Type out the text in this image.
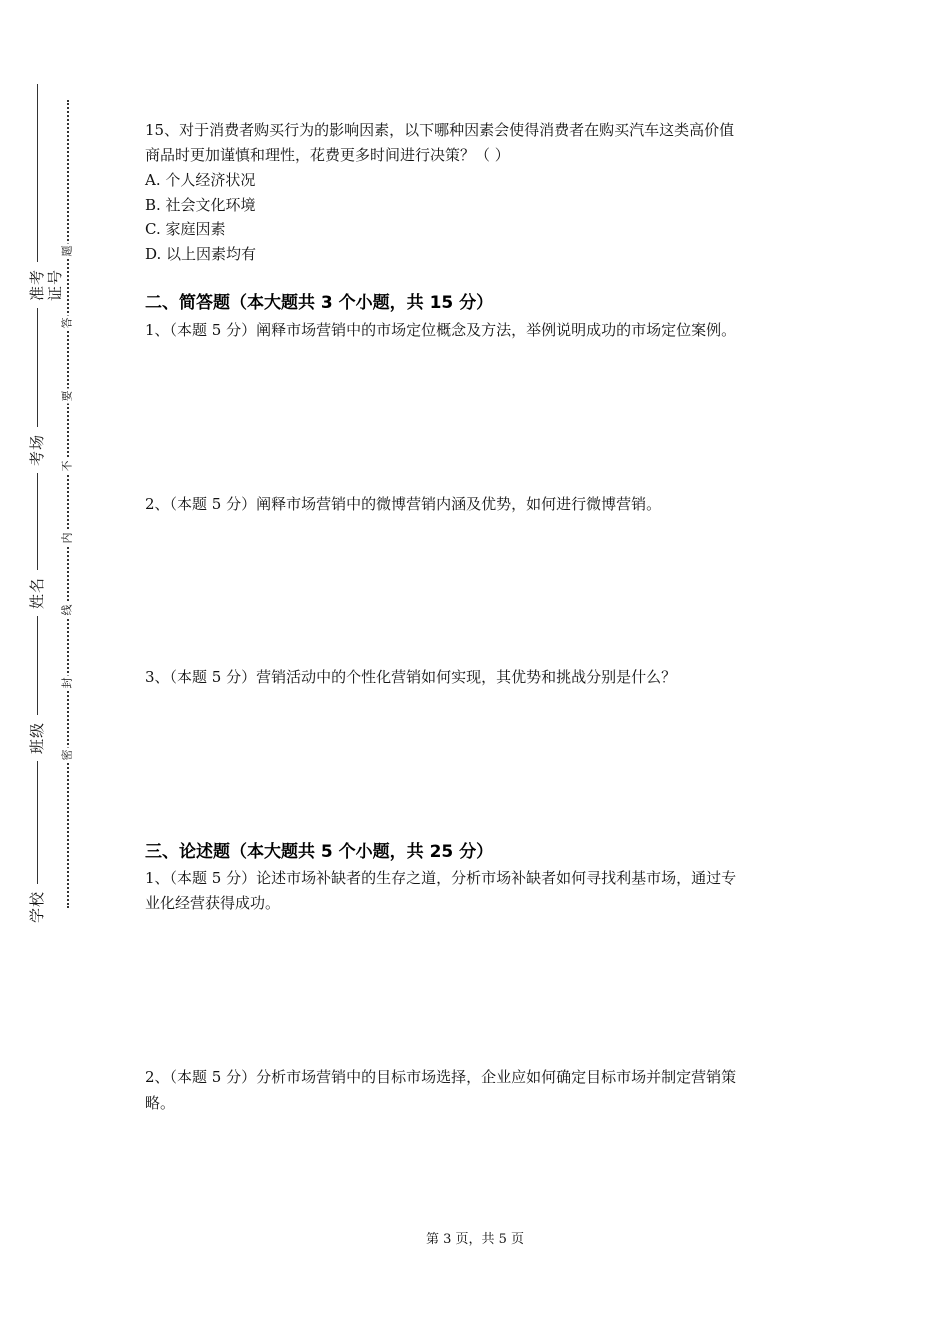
准考证号
考场
姓名
班级
学校
题
答
要
不
内
线
封
密
15、对于消费者购买行为的影响因素，以下哪种因素会使得消费者在购买汽车这类高价值
商品时更加谨慎和理性，花费更多时间进行决策？（ ）
A. 个人经济状况
B. 社会文化环境
C. 家庭因素
D. 以上因素均有
二、简答题（本大题共 3 个小题，共 15 分）
1、（本题 5 分）阐释市场营销中的市场定位概念及方法，举例说明成功的市场定位案例。
2、（本题 5 分）阐释市场营销中的微博营销内涵及优势，如何进行微博营销。
3、（本题 5 分）营销活动中的个性化营销如何实现，其优势和挑战分别是什么？
三、论述题（本大题共 5 个小题，共 25 分）
1、（本题 5 分）论述市场补缺者的生存之道，分析市场补缺者如何寻找利基市场，通过专
业化经营获得成功。
2、（本题 5 分）分析市场营销中的目标市场选择，企业应如何确定目标市场并制定营销策
略。
第 3 页，共 5 页
